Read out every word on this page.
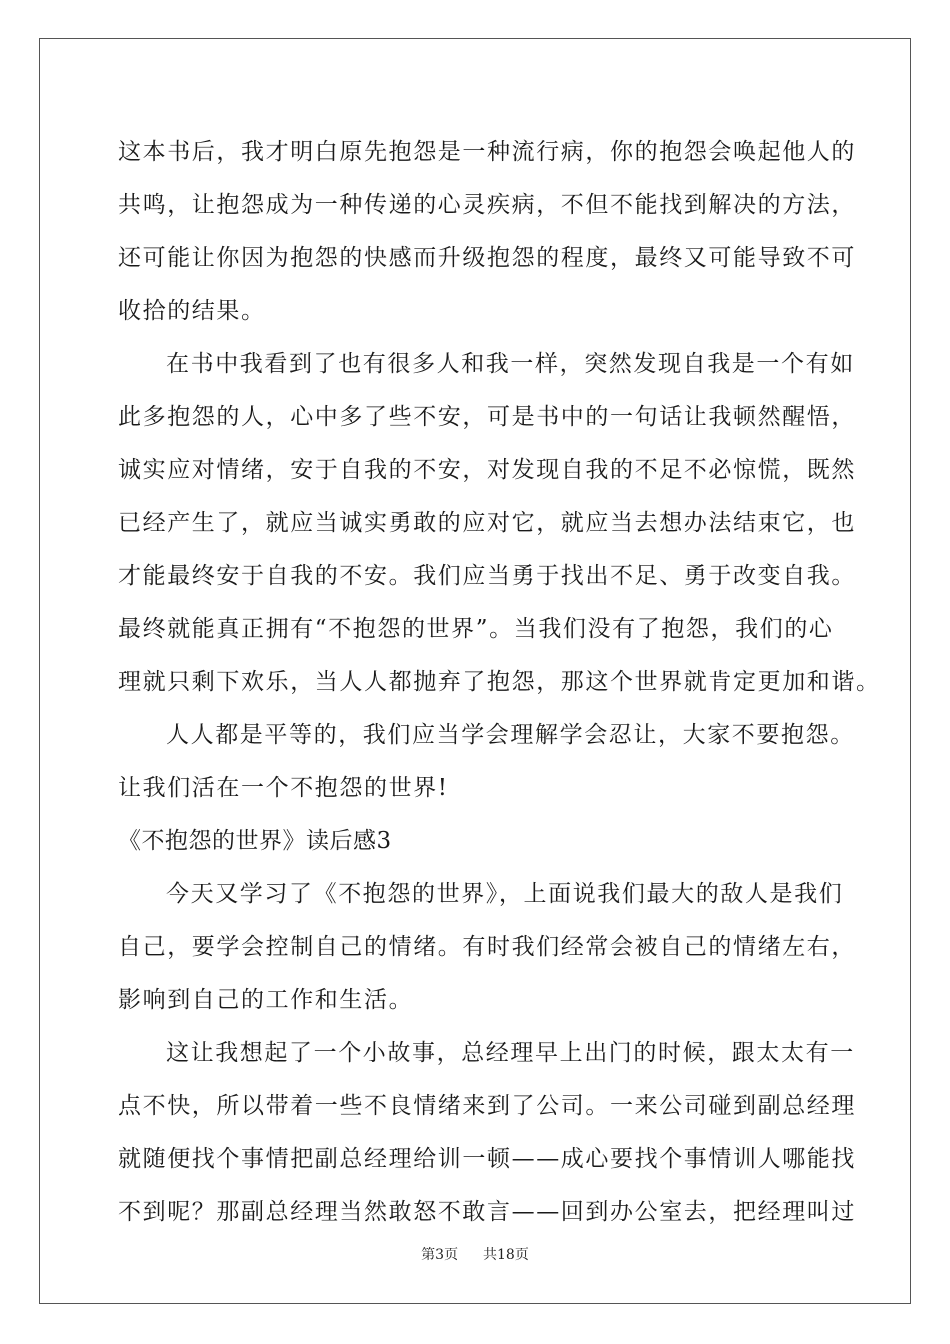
这本书后，我才明白原先抱怨是一种流行病，你的抱怨会唤起他人的
共鸣，让抱怨成为一种传递的心灵疾病，不但不能找到解决的方法，
还可能让你因为抱怨的快感而升级抱怨的程度，最终又可能导致不可
收拾的结果。
在书中我看到了也有很多人和我一样，突然发现自我是一个有如
此多抱怨的人，心中多了些不安，可是书中的一句话让我顿然醒悟，
诚实应对情绪，安于自我的不安，对发现自我的不足不必惊慌，既然
已经产生了，就应当诚实勇敢的应对它，就应当去想办法结束它，也
才能最终安于自我的不安。我们应当勇于找出不足、勇于改变自我。
最终就能真正拥有“不抱怨的世界”。当我们没有了抱怨，我们的心
理就只剩下欢乐，当人人都抛弃了抱怨，那这个世界就肯定更加和谐。
人人都是平等的，我们应当学会理解学会忍让，大家不要抱怨。
让我们活在一个不抱怨的世界!
《不抱怨的世界》读后感3
今天又学习了《不抱怨的世界》，上面说我们最大的敌人是我们
自己，要学会控制自己的情绪。有时我们经常会被自己的情绪左右，
影响到自己的工作和生活。
这让我想起了一个小故事，总经理早上出门的时候，跟太太有一
点不快，所以带着一些不良情绪来到了公司。一来公司碰到副总经理
就随便找个事情把副总经理给训一顿——成心要找个事情训人哪能找
不到呢？那副总经理当然敢怒不敢言——回到办公室去，把经理叫过
第3页 共18页
